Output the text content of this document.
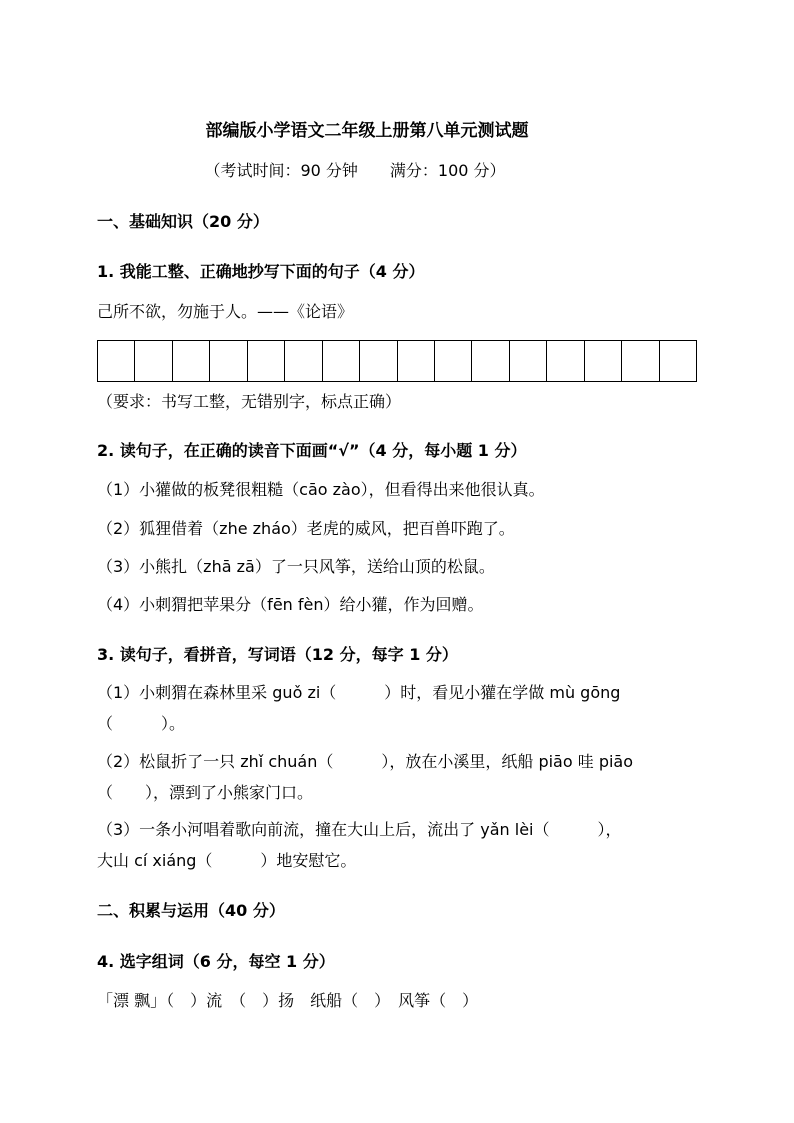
部编版小学语文二年级上册第八单元测试题
（考试时间：90 分钟　　满分：100 分）
一、基础知识（20 分）
1. 我能工整、正确地抄写下面的句子（4 分）
己所不欲，勿施于人。——《论语》
（要求：书写工整，无错别字，标点正确）
2. 读句子，在正确的读音下面画“√”（4 分，每小题 1 分）
（1）小獾做的板凳很粗糙（cāo zào），但看得出来他很认真。
（2）狐狸借着（zhe zháo）老虎的威风，把百兽吓跑了。
（3）小熊扎（zhā zā）了一只风筝，送给山顶的松鼠。
（4）小刺猬把苹果分（fēn fèn）给小獾，作为回赠。
3. 读句子，看拼音，写词语（12 分，每字 1 分）
（1）小刺猬在森林里采 guǒ zi（　　　）时，看见小獾在学做 mù gōng
（　　　）。
（2）松鼠折了一只 zhǐ chuán（　　　），放在小溪里，纸船 piāo 哇 piāo
（　　），漂到了小熊家门口。
（3）一条小河唱着歌向前流，撞在大山上后，流出了 yǎn lèi（　　　），
大山 cí xiáng（　　　）地安慰它。
二、积累与运用（40 分）
4. 选字组词（6 分，每空 1 分）
「漂 飘」（　）流　（　）扬　纸船（　）　风筝（　）
